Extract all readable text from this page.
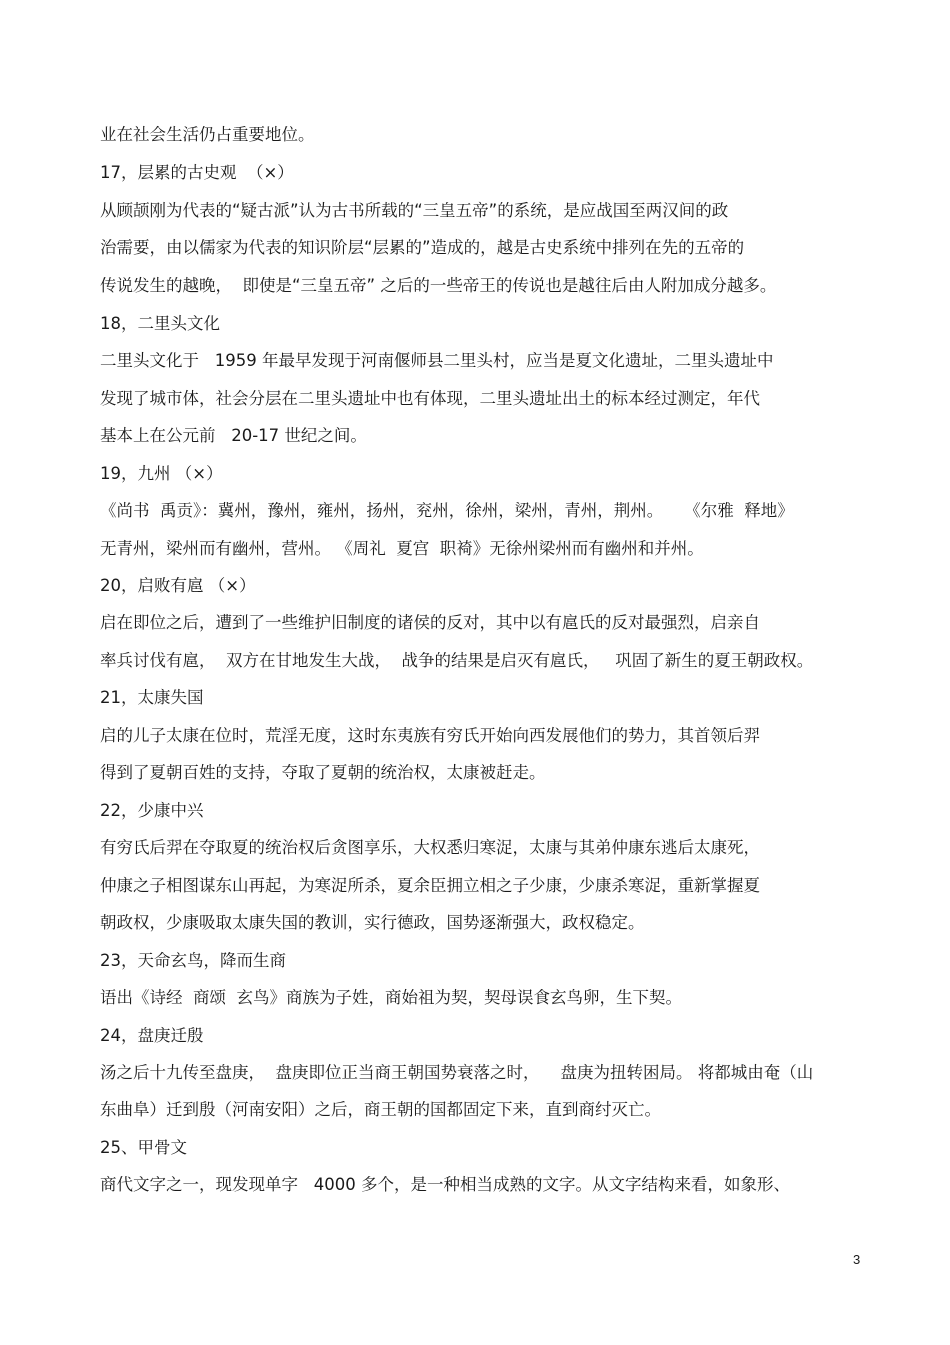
业在社会生活仍占重要地位。
17，层累的古史观  （×）
从顾颉刚为代表的“疑古派”认为古书所载的“三皇五帝”的系统，是应战国至两汉间的政
治需要，由以儒家为代表的知识阶层“层累的”造成的，越是古史系统中排列在先的五帝的
传说发生的越晚，  即使是“三皇五帝” 之后的一些帝王的传说也是越往后由人附加成分越多。
18，二里头文化
二里头文化于   1959 年最早发现于河南偃师县二里头村，应当是夏文化遗址，二里头遗址中
发现了城市体，社会分层在二里头遗址中也有体现，二里头遗址出土的标本经过测定，年代
基本上在公元前   20-17 世纪之间。
19，九州 （×）
《尚书  禹贡》：冀州，豫州，雍州，扬州，兖州，徐州，梁州，青州，荆州。    《尔雅  释地》
无青州，梁州而有幽州，营州。 《周礼  夏宫  职裿》无徐州梁州而有幽州和并州。
20，启败有扈 （×）
启在即位之后，遭到了一些维护旧制度的诸侯的反对，其中以有扈氏的反对最强烈，启亲自
率兵讨伐有扈，  双方在甘地发生大战，  战争的结果是启灭有扈氏，   巩固了新生的夏王朝政权。
21，太康失国
启的儿子太康在位时，荒淫无度，这时东夷族有穷氏开始向西发展他们的势力，其首领后羿
得到了夏朝百姓的支持，夺取了夏朝的统治权，太康被赶走。
22，少康中兴
有穷氏后羿在夺取夏的统治权后贪图享乐，大权悉归寒浞，太康与其弟仲康东逃后太康死，
仲康之子相图谋东山再起，为寒浞所杀，夏余臣拥立相之子少康，少康杀寒浞，重新掌握夏
朝政权，少康吸取太康失国的教训，实行德政，国势逐渐强大，政权稳定。
23，天命玄鸟，降而生商
语出《诗经  商颂  玄鸟》商族为子姓，商始祖为契，契母误食玄鸟卵，生下契。
24，盘庚迁殷
汤之后十九传至盘庚，  盘庚即位正当商王朝国势衰落之时，    盘庚为扭转困局。 将都城由奄（山
东曲阜）迁到殷（河南安阳）之后，商王朝的国都固定下来，直到商纣灭亡。
25、甲骨文
商代文字之一，现发现单字   4000 多个，是一种相当成熟的文字。从文字结构来看，如象形、
3
